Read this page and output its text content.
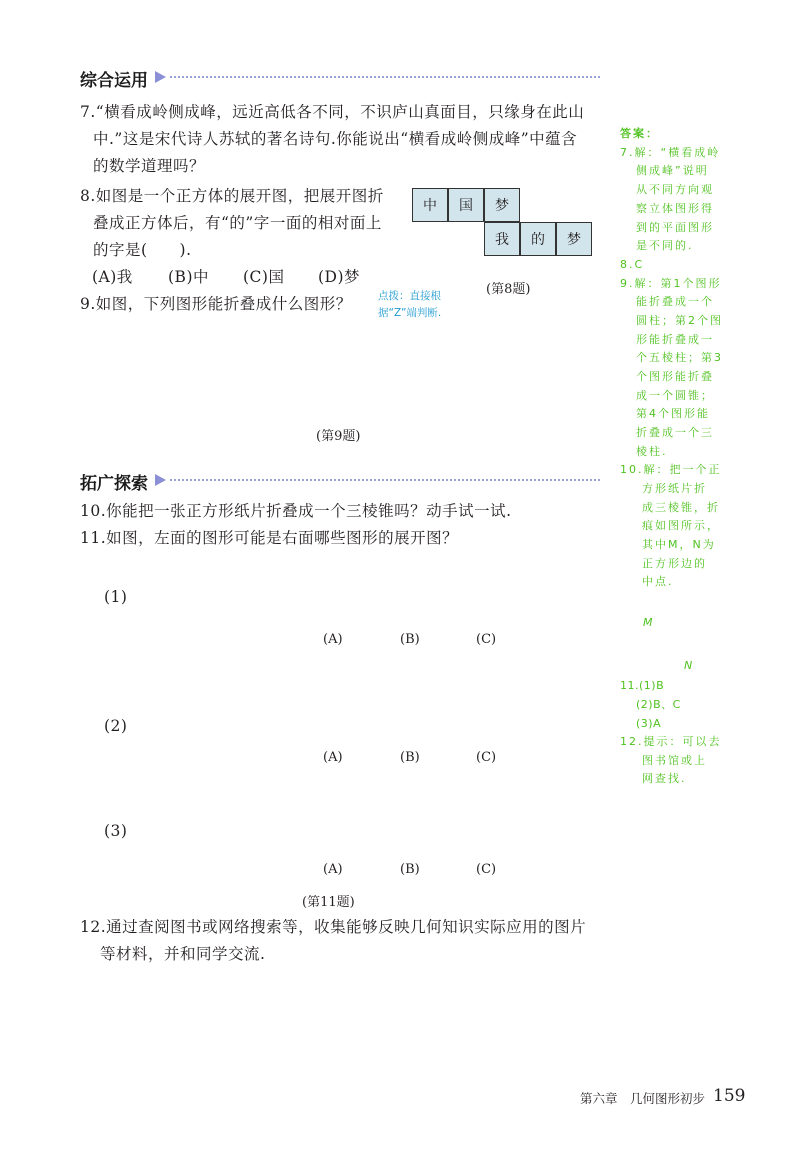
综合运用
7.“横看成岭侧成峰，远近高低各不同，不识庐山真面目，只缘身在此山
中.”这是宋代诗人苏轼的著名诗句.你能说出“横看成岭侧成峰”中蕴含
的数学道理吗？
8.如图是一个正方体的展开图，把展开图折
叠成正方体后，有“的”字一面的相对面上
的字是(　　).
(A)我 (B)中 (C)国 (D)梦
中	国	梦
我	的	梦
(第8题)
点拨：直接根
据“Z”端判断.
9.如图，下列图形能折叠成什么图形？
(第9题)
拓广探索
10.你能把一张正方形纸片折叠成一个三棱锥吗？动手试一试.
11.如图，左面的图形可能是右面哪些图形的展开图？
(1)
(2)
(3)
☆
☆
(A)	(B)	(C)
(A)	(B)	(C)
(A)	(B)	(C)
(第11题)
12.通过查阅图书或网络搜索等，收集能够反映几何知识实际应用的图片
等材料，并和同学交流.
答案：
7.解：“横看成岭
侧成峰”说明
从不同方向观
察立体图形得
到的平面图形
是不同的.
8.C
9.解：第1个图形
能折叠成一个
圆柱；第2个图
形能折叠成一
个五棱柱；第3
个图形能折叠
成一个圆锥；
第4个图形能
折叠成一个三
棱柱.
10.解：把一个正
方形纸片折
成三棱锥，折
痕如图所示，
其中M，N为
正方形边的
中点.
M
N
11.(1)B
(2)B、C
(3)A
12.提示：可以去
图书馆或上
网查找.
第六章　几何图形初步 159
